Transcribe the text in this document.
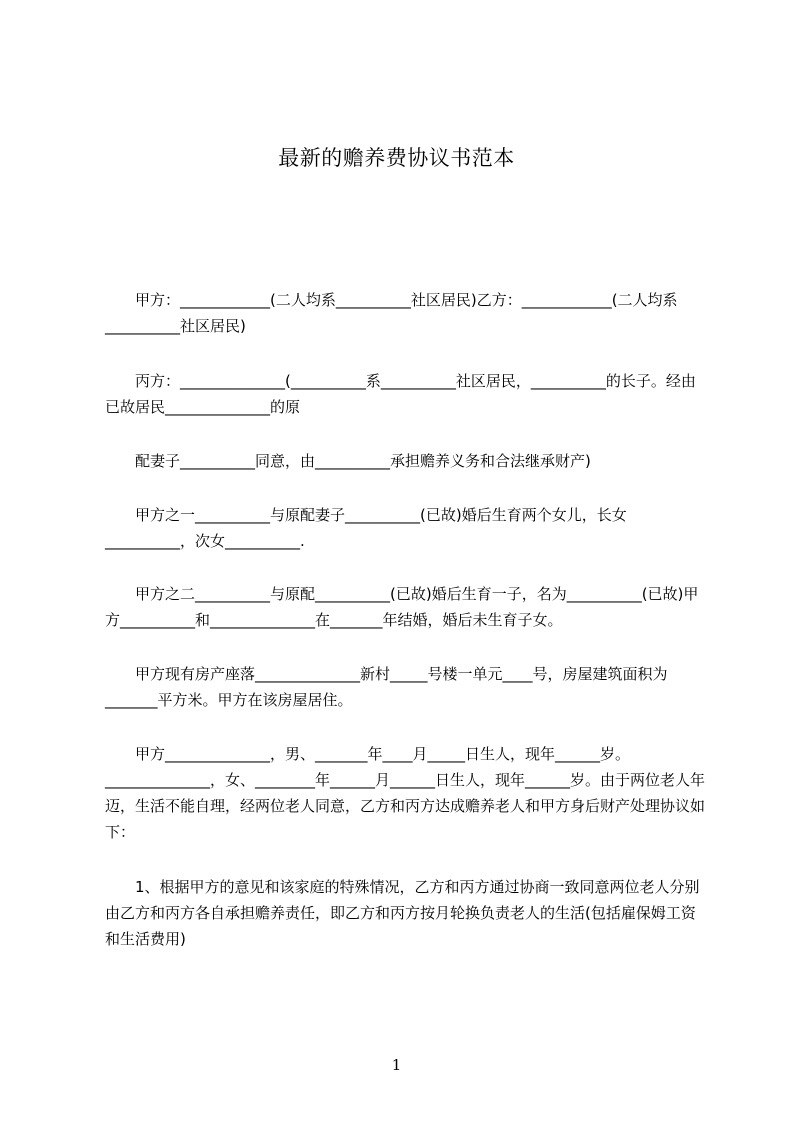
最新的赡养费协议书范本

　　甲方：____________(二人均系__________社区居民)乙方：____________(二人均系__________社区居民)

　　丙方：______________(__________系__________社区居民，__________的长子。经由已故居民______________的原

　　配妻子__________同意，由__________承担赡养义务和合法继承财产)

　　甲方之一__________与原配妻子__________(已故)婚后生育两个女儿，长女__________，次女__________.

　　甲方之二__________与原配__________(已故)婚后生育一子，名为__________(已故)甲方__________和______________在_______年结婚，婚后未生育子女。

　　甲方现有房产座落______________新村_____号楼一单元____号，房屋建筑面积为_______平方米。甲方在该房屋居住。

　　甲方______________，男、_______年____月_____日生人，现年______岁。______________，女、________年______月______日生人，现年______岁。由于两位老人年迈，生活不能自理，经两位老人同意，乙方和丙方达成赡养老人和甲方身后财产处理协议如下：

　　1、根据甲方的意见和该家庭的特殊情况，乙方和丙方通过协商一致同意两位老人分别由乙方和丙方各自承担赡养责任，即乙方和丙方按月轮换负责老人的生活(包括雇保姆工资和生活费用)

1
